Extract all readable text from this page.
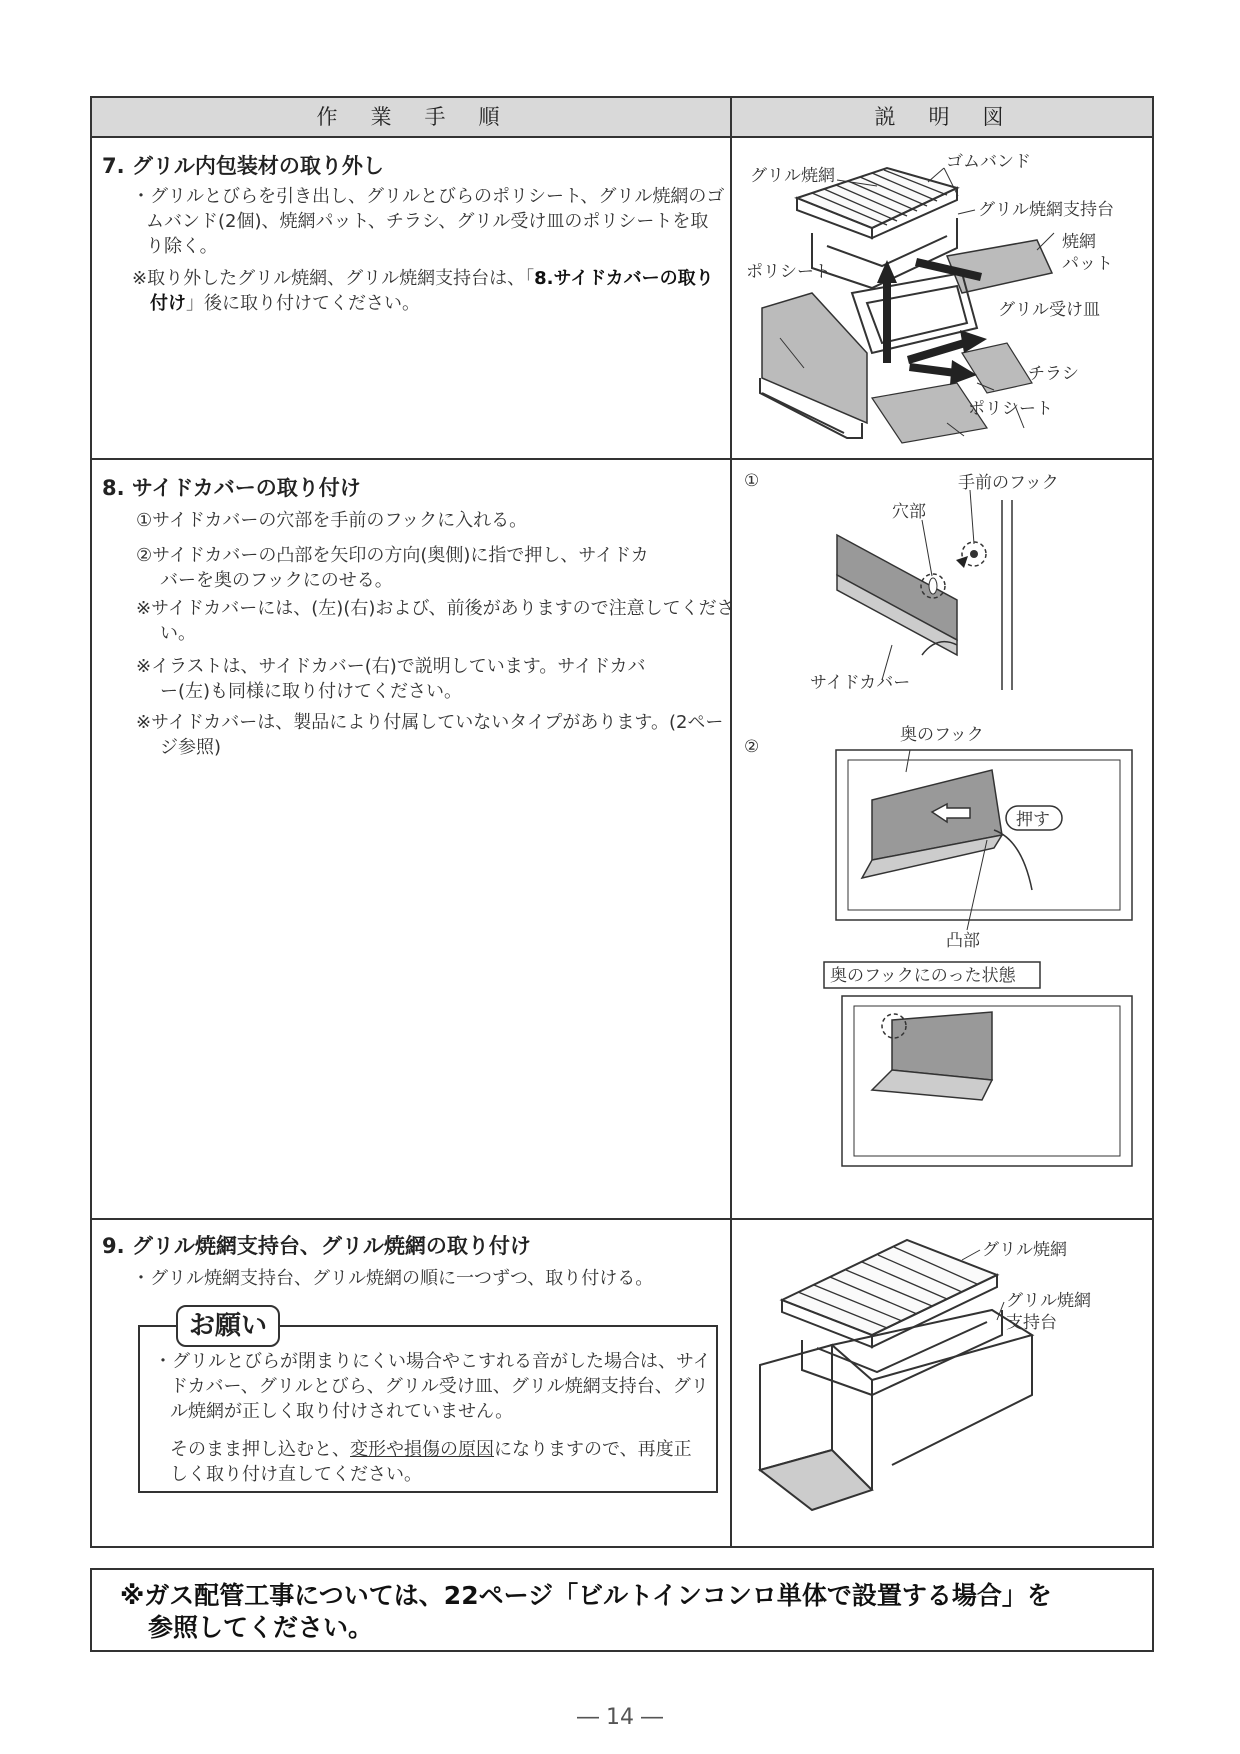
作　業　手　順	説　明　図
7. グリル内包装材の取り外し
・グリルとびらを引き出し、グリルとびらのポリシート、グリル焼網のゴムバンド(2個)、焼網パット、チラシ、グリル受け皿のポリシートを取り除く。
※取り外したグリル焼網、グリル焼網支持台は、「8.サイドカバーの取り付け」後に取り付けてください。
グリル焼網
ゴムバンド
グリル焼網支持台
焼網
パット
ポリシート
グリル受け皿
チラシ
ポリシート
8. サイドカバーの取り付け
①サイドカバーの穴部を手前のフックに入れる。
②サイドカバーの凸部を矢印の方向(奥側)に指で押し、サイドカバーを奥のフックにのせる。
※サイドカバーには、(左)(右)および、前後がありますので注意してください。
※イラストは、サイドカバー(右)で説明しています。サイドカバー(左)も同様に取り付けてください。
※サイドカバーは、製品により付属していないタイプがあります。(2ページ参照)
①	手前のフック
穴部
サイドカバー
②
奥のフック
押す
凸部
奥のフックにのった状態
9. グリル焼網支持台、グリル焼網の取り付け
・グリル焼網支持台、グリル焼網の順に一つずつ、取り付ける。
お願い
・グリルとびらが閉まりにくい場合やこすれる音がした場合は、サイドカバー、グリルとびら、グリル受け皿、グリル焼網支持台、グリル焼網が正しく取り付けされていません。
そのまま押し込むと、変形や損傷の原因になりますので、再度正しく取り付け直してください。
グリル焼網
グリル焼網
支持台
※ガス配管工事については、22ページ「ビルトインコンロ単体で設置する場合」を
参照してください。
― 14 ―
